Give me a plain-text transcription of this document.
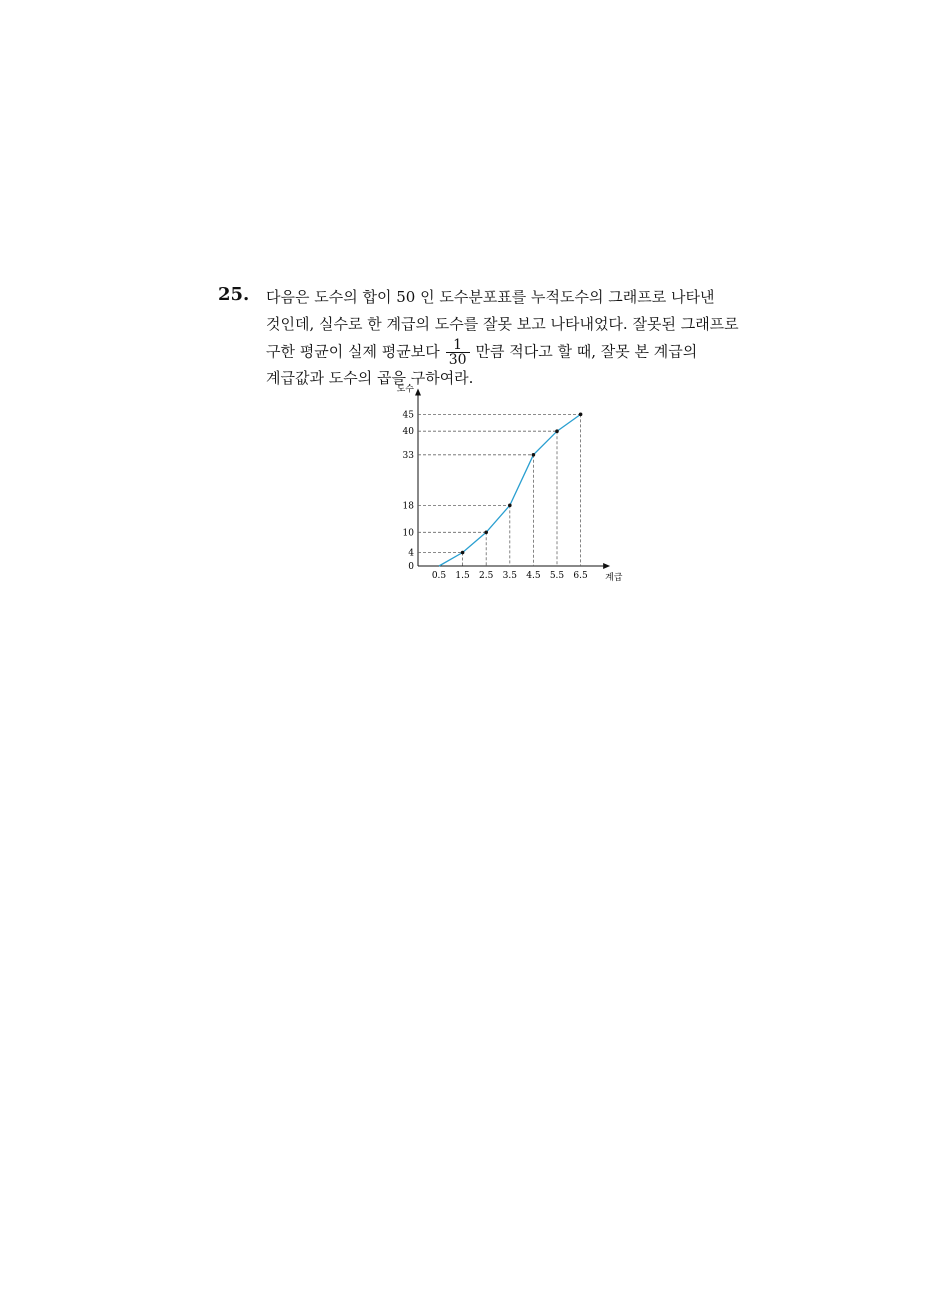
25. 다음은 도수의 합이 50 인 도수분포표를 누적도수의 그래프로 나타낸
것인데, 실수로 한 계급의 도수를 잘못 보고 나타내었다. 잘못된 그래프로
구한 평균이 실제 평균보다 $\frac{1}{30}$ 만큼 적다고 할 때, 잘못 본 계급의
계급값과 도수의 곱을 구하여라.
도수
계급
0.5 1.5 2.5 3.5 4.5 5.5 6.5
0
4
10
18
33
40
45
